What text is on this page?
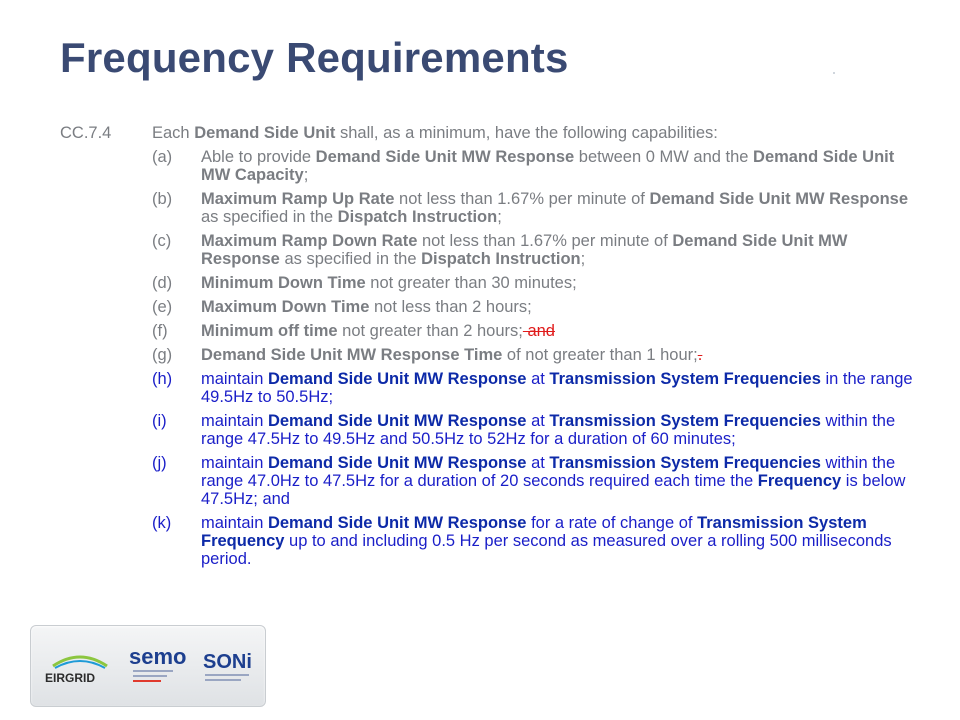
Frequency Requirements
CC.7.4	Each Demand Side Unit shall, as a minimum, have the following capabilities:
(a)	Able to provide Demand Side Unit MW Response between 0 MW and the Demand Side Unit MW Capacity;
(b)	Maximum Ramp Up Rate not less than 1.67% per minute of Demand Side Unit MW Response as specified in the Dispatch Instruction;
(c)	Maximum Ramp Down Rate not less than 1.67% per minute of Demand Side Unit MW Response as specified in the Dispatch Instruction;
(d)	Minimum Down Time not greater than 30 minutes;
(e)	Maximum Down Time not less than 2 hours;
(f)	Minimum off time not greater than 2 hours; and
(g)	Demand Side Unit MW Response Time of not greater than 1 hour;.
(h)	maintain Demand Side Unit MW Response at Transmission System Frequencies in the range 49.5Hz to 50.5Hz;
(i)	maintain Demand Side Unit MW Response at Transmission System Frequencies within the range 47.5Hz to 49.5Hz and 50.5Hz to 52Hz for a duration of 60 minutes;
(j)	maintain Demand Side Unit MW Response at Transmission System Frequencies within the range 47.0Hz to 47.5Hz for a duration of 20 seconds required each time the Frequency is below 47.5Hz; and
(k)	maintain Demand Side Unit MW Response for a rate of change of Transmission System Frequency up to and including 0.5 Hz per second as measured over a rolling 500 milliseconds period.
EIRGRID
semo SONi
